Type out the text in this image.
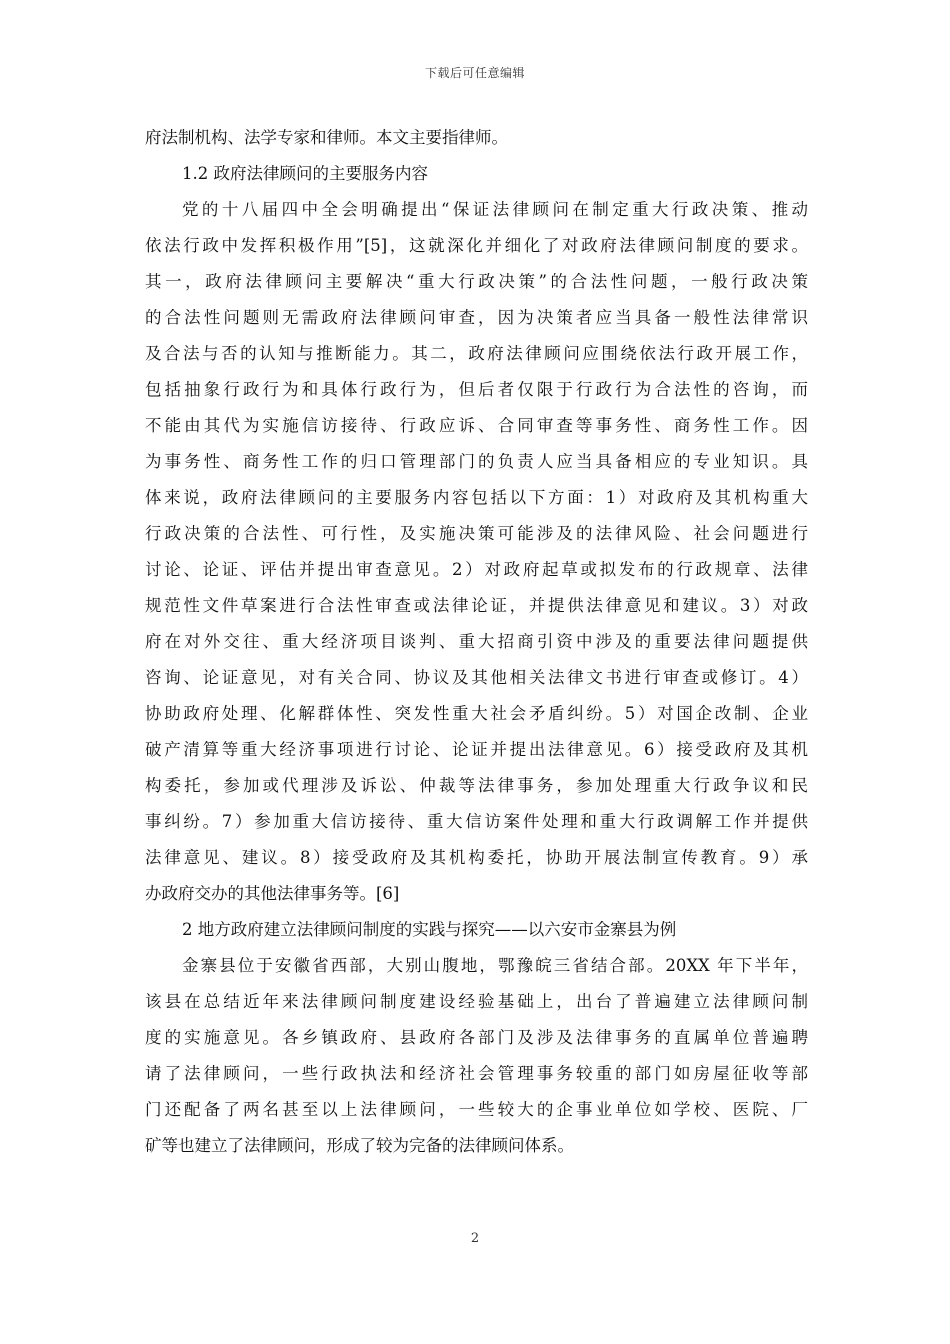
下载后可任意编辑
府法制机构、法学专家和律师。本文主要指律师。
1.2 政府法律顾问的主要服务内容
党的十八届四中全会明确提出“保证法律顾问在制定重大行政决策、推动
依法行政中发挥积极作用”[5]，这就深化并细化了对政府法律顾问制度的要求。
其一，政府法律顾问主要解决“重大行政决策”的合法性问题，一般行政决策
的合法性问题则无需政府法律顾问审查，因为决策者应当具备一般性法律常识
及合法与否的认知与推断能力。其二，政府法律顾问应围绕依法行政开展工作，
包括抽象行政行为和具体行政行为，但后者仅限于行政行为合法性的咨询，而
不能由其代为实施信访接待、行政应诉、合同审查等事务性、商务性工作。因
为事务性、商务性工作的归口管理部门的负责人应当具备相应的专业知识。具
体来说，政府法律顾问的主要服务内容包括以下方面：1）对政府及其机构重大
行政决策的合法性、可行性，及实施决策可能涉及的法律风险、社会问题进行
讨论、论证、评估并提出审查意见。2）对政府起草或拟发布的行政规章、法律
规范性文件草案进行合法性审查或法律论证，并提供法律意见和建议。3）对政
府在对外交往、重大经济项目谈判、重大招商引资中涉及的重要法律问题提供
咨询、论证意见，对有关合同、协议及其他相关法律文书进行审查或修订。4）
协助政府处理、化解群体性、突发性重大社会矛盾纠纷。5）对国企改制、企业
破产清算等重大经济事项进行讨论、论证并提出法律意见。6）接受政府及其机
构委托，参加或代理涉及诉讼、仲裁等法律事务，参加处理重大行政争议和民
事纠纷。7）参加重大信访接待、重大信访案件处理和重大行政调解工作并提供
法律意见、建议。8）接受政府及其机构委托，协助开展法制宣传教育。9）承
办政府交办的其他法律事务等。[6]
2 地方政府建立法律顾问制度的实践与探究——以六安市金寨县为例
金寨县位于安徽省西部，大别山腹地，鄂豫皖三省结合部。20XX 年下半年，
该县在总结近年来法律顾问制度建设经验基础上，出台了普遍建立法律顾问制
度的实施意见。各乡镇政府、县政府各部门及涉及法律事务的直属单位普遍聘
请了法律顾问，一些行政执法和经济社会管理事务较重的部门如房屋征收等部
门还配备了两名甚至以上法律顾问，一些较大的企事业单位如学校、医院、厂
矿等也建立了法律顾问，形成了较为完备的法律顾问体系。
2
